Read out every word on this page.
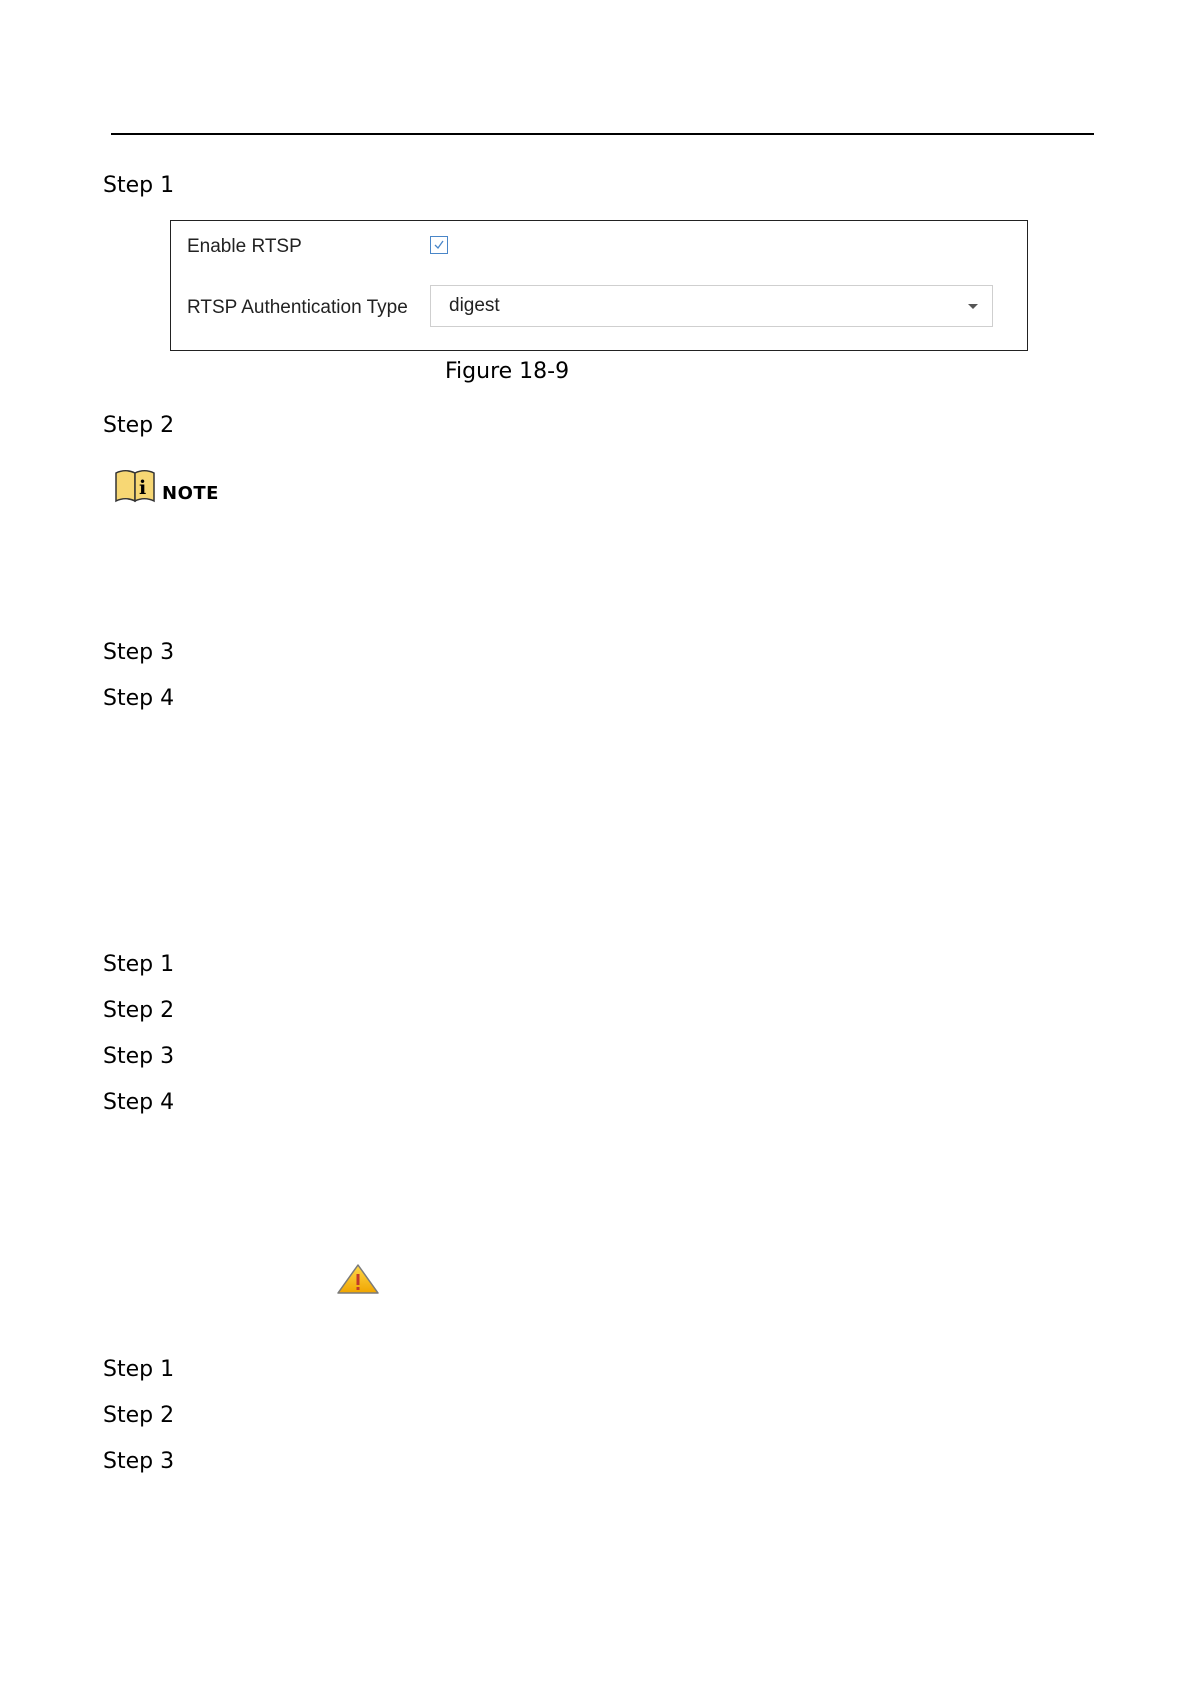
Step 1
Enable RTSP
RTSP Authentication Type digest
Figure 18-9
Step 2
i NOTE
Step 3
Step 4
Step 1
Step 2
Step 3
Step 4
Step 1
Step 2
Step 3
